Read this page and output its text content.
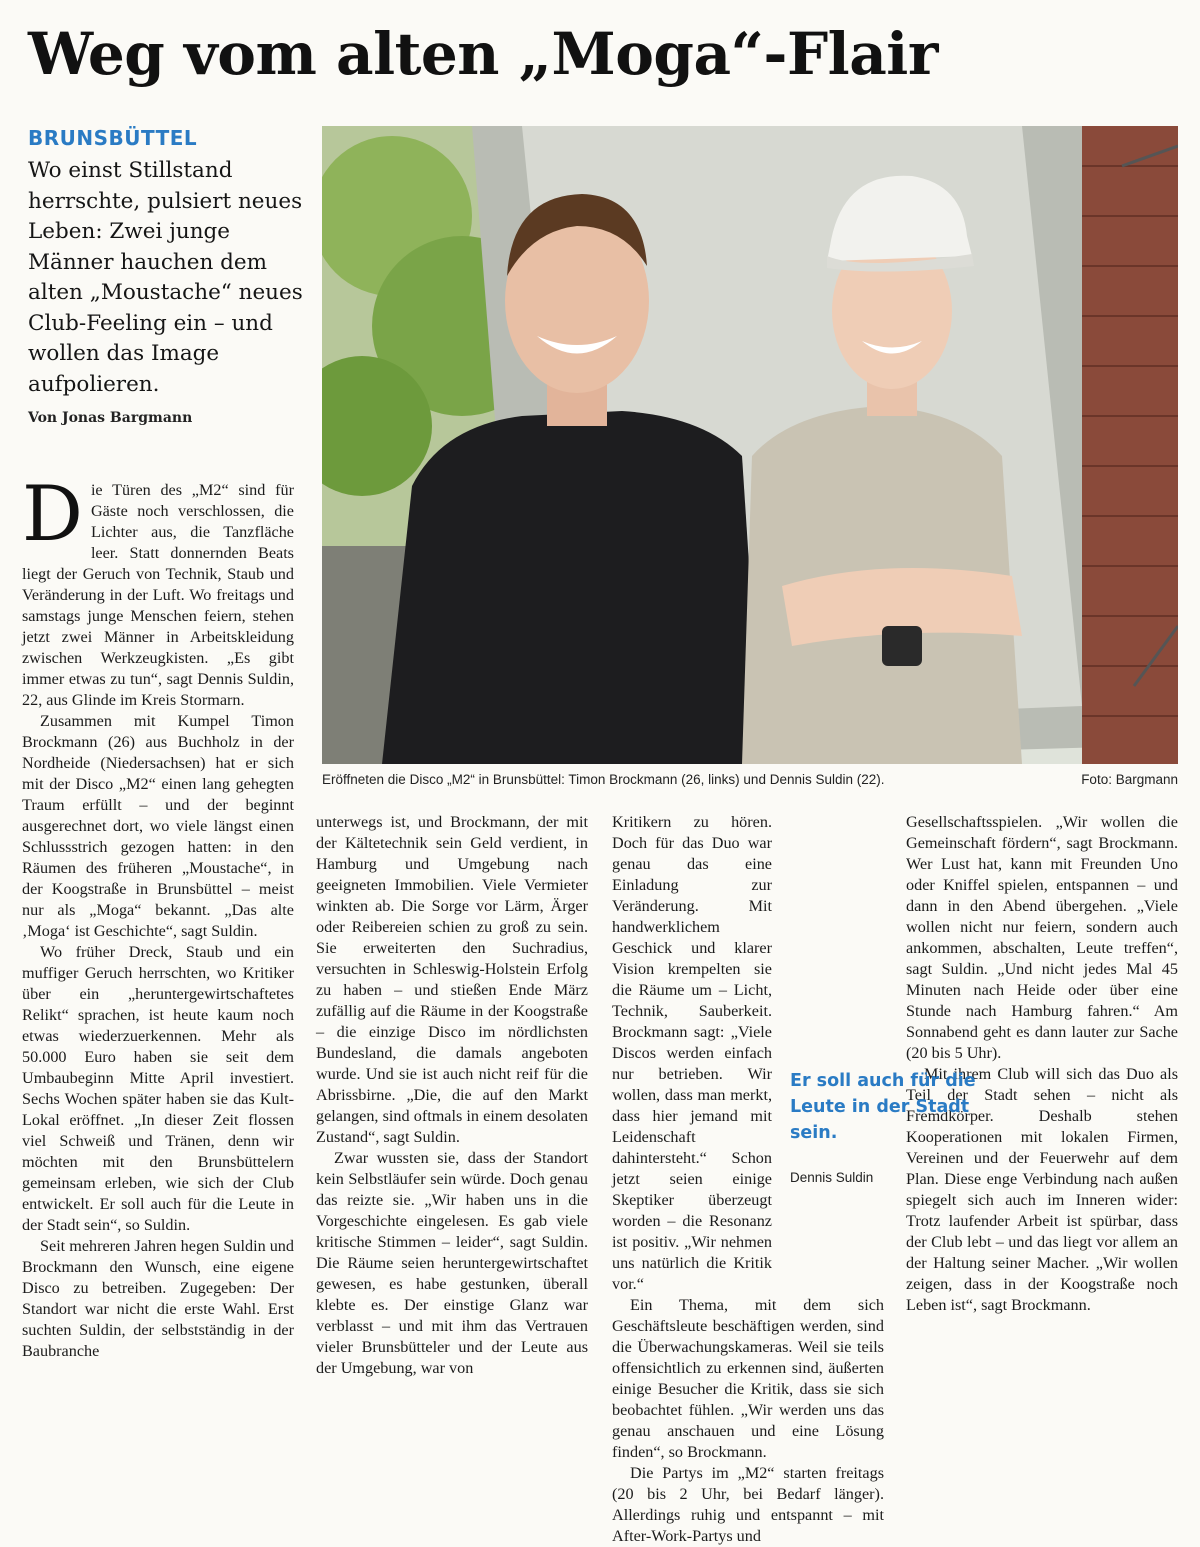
Weg vom alten „Moga“-Flair
BRUNSBÜTTEL
Wo einst Stillstand herrschte, pulsiert neues Leben: Zwei junge Männer hauchen dem alten „Moustache“ neues Club-Feeling ein – und wollen das Image aufpolieren.
Von Jonas Bargmann
Eröffneten die Disco „M2“ in Brunsbüttel: Timon Brockmann (26, links) und Dennis Suldin (22).	Foto: Bargmann

Die Türen des „M2“ sind für Gäste noch verschlossen, die Lichter aus, die Tanzfläche leer. Statt donnernden Beats liegt der Geruch von Technik, Staub und Veränderung in der Luft. Wo freitags und samstags junge Menschen feiern, stehen jetzt zwei Männer in Arbeitskleidung zwischen Werkzeugkisten. „Es gibt immer etwas zu tun“, sagt Dennis Suldin, 22, aus Glinde im Kreis Stormarn.

Zusammen mit Kumpel Timon Brockmann (26) aus Buchholz in der Nordheide (Niedersachsen) hat er sich mit der Disco „M2“ einen lang gehegten Traum erfüllt – und der beginnt ausgerechnet dort, wo viele längst einen Schlussstrich gezogen hatten: in den Räumen des früheren „Moustache“, in der Koogstraße in Brunsbüttel – meist nur als „Moga“ bekannt. „Das alte ‚Moga‘ ist Geschichte“, sagt Suldin.

Wo früher Dreck, Staub und ein muffiger Geruch herrschten, wo Kritiker über ein „heruntergewirtschaftetes Relikt“ sprachen, ist heute kaum noch etwas wiederzuerkennen. Mehr als 50.000 Euro haben sie seit dem Umbaubeginn Mitte April investiert. Sechs Wochen später haben sie das Kult-Lokal eröffnet. „In dieser Zeit flossen viel Schweiß und Tränen, denn wir möchten mit den Brunsbüttelern gemeinsam erleben, wie sich der Club entwickelt. Er soll auch für die Leute in der Stadt sein“, so Suldin.

Seit mehreren Jahren hegen Suldin und Brockmann den Wunsch, eine eigene Disco zu betreiben. Zugegeben: Der Standort war nicht die erste Wahl. Erst suchten Suldin, der selbstständig in der Baubranche

unterwegs ist, und Brockmann, der mit der Kältetechnik sein Geld verdient, in Hamburg und Umgebung nach geeigneten Immobilien. Viele Vermieter winkten ab. Die Sorge vor Lärm, Ärger oder Reibereien schien zu groß zu sein. Sie erweiterten den Suchradius, versuchten in Schleswig-Holstein Erfolg zu haben – und stießen Ende März zufällig auf die Räume in der Koogstraße – die einzige Disco im nördlichsten Bundesland, die damals angeboten wurde. Und sie ist auch nicht reif für die Abrissbirne. „Die, die auf den Markt gelangen, sind oftmals in einem desolaten Zustand“, sagt Suldin.

Zwar wussten sie, dass der Standort kein Selbstläufer sein würde. Doch genau das reizte sie. „Wir haben uns in die Vorgeschichte eingelesen. Es gab viele kritische Stimmen – leider“, sagt Suldin. Die Räume seien heruntergewirtschaftet gewesen, es habe gestunken, überall klebte es. Der einstige Glanz war verblasst – und mit ihm das Vertrauen vieler Brunsbütteler und der Leute aus der Umgebung, war von

Kritikern zu hören. Doch für das Duo war genau das eine Einladung zur Veränderung. Mit handwerklichem Geschick und klarer Vision krempelten sie die Räume um – Licht, Technik, Sauberkeit. Brockmann sagt: „Viele Discos werden einfach nur betrieben. Wir wollen, dass man merkt, dass hier jemand mit Leidenschaft dahintersteht.“ Schon jetzt seien einige Skeptiker überzeugt worden – die Resonanz ist positiv. „Wir nehmen uns natürlich die Kritik vor.“

Ein Thema, mit dem sich Geschäftsleute beschäftigen werden, sind die Überwachungskameras. Weil sie teils offensichtlich zu erkennen sind, äußerten einige Besucher die Kritik, dass sie sich beobachtet fühlen. „Wir werden uns das genau anschauen und eine Lösung finden“, so Brockmann.

Die Partys im „M2“ starten freitags (20 bis 2 Uhr, bei Bedarf länger). Allerdings ruhig und entspannt – mit After-Work-Partys und

Gesellschaftsspielen. „Wir wollen die Gemeinschaft fördern“, sagt Brockmann. Wer Lust hat, kann mit Freunden Uno oder Kniffel spielen, entspannen – und dann in den Abend übergehen. „Viele wollen nicht nur feiern, sondern auch ankommen, abschalten, Leute treffen“, sagt Suldin. „Und nicht jedes Mal 45 Minuten nach Heide oder über eine Stunde nach Hamburg fahren.“ Am Sonnabend geht es dann lauter zur Sache (20 bis 5 Uhr).

Mit ihrem Club will sich das Duo als Teil der Stadt sehen – nicht als Fremdkörper. Deshalb stehen Kooperationen mit lokalen Firmen, Vereinen und der Feuerwehr auf dem Plan. Diese enge Verbindung nach außen spiegelt sich auch im Inneren wider: Trotz laufender Arbeit ist spürbar, dass der Club lebt – und das liegt vor allem an der Haltung seiner Macher. „Wir wollen zeigen, dass in der Koogstraße noch Leben ist“, sagt Brockmann.

Er soll auch für die Leute in der Stadt sein.
Dennis Suldin
